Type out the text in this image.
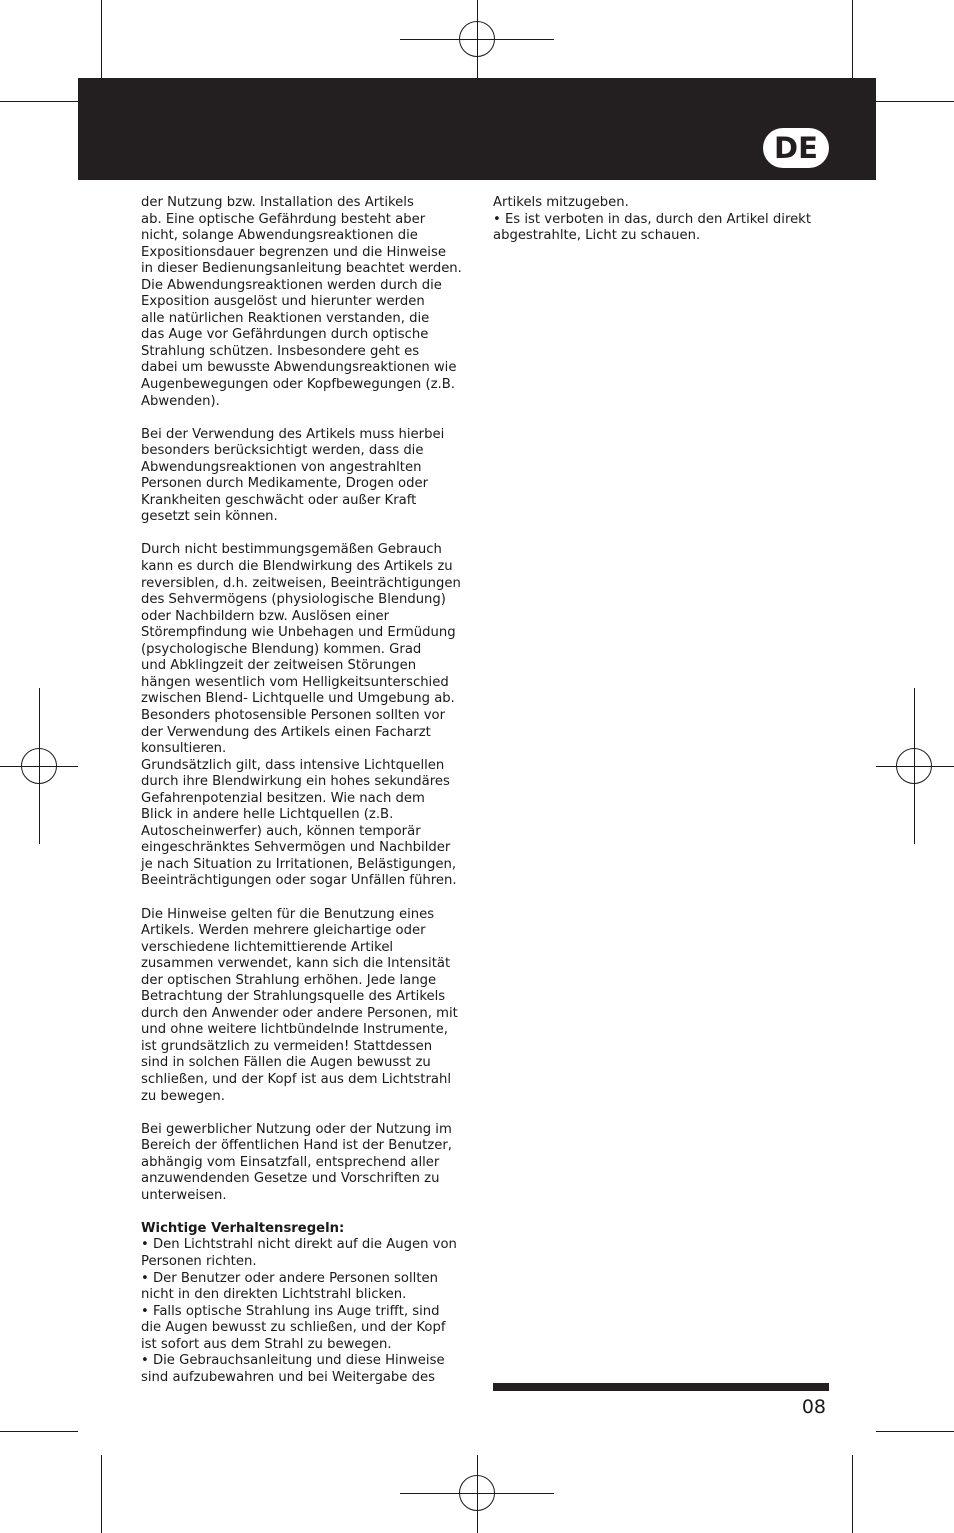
DE
der Nutzung bzw. Installation des Artikels
ab. Eine optische Gefährdung besteht aber
nicht, solange Abwendungsreaktionen die
Expositionsdauer begrenzen und die Hinweise
in dieser Bedienungsanleitung beachtet werden.
Die Abwendungsreaktionen werden durch die
Exposition ausgelöst und hierunter werden
alle natürlichen Reaktionen verstanden, die
das Auge vor Gefährdungen durch optische
Strahlung schützen. Insbesondere geht es
dabei um bewusste Abwendungsreaktionen wie
Augenbewegungen oder Kopfbewegungen (z.B.
Abwenden).
Bei der Verwendung des Artikels muss hierbei
besonders berücksichtigt werden, dass die
Abwendungsreaktionen von angestrahlten
Personen durch Medikamente, Drogen oder
Krankheiten geschwächt oder außer Kraft
gesetzt sein können.
Durch nicht bestimmungsgemäßen Gebrauch
kann es durch die Blendwirkung des Artikels zu
reversiblen, d.h. zeitweisen, Beeinträchtigungen
des Sehvermögens (physiologische Blendung)
oder Nachbildern bzw. Auslösen einer
Störempfindung wie Unbehagen und Ermüdung
(psychologische Blendung) kommen. Grad
und Abklingzeit der zeitweisen Störungen
hängen wesentlich vom Helligkeitsunterschied
zwischen Blend- Lichtquelle und Umgebung ab.
Besonders photosensible Personen sollten vor
der Verwendung des Artikels einen Facharzt
konsultieren.
Grundsätzlich gilt, dass intensive Lichtquellen
durch ihre Blendwirkung ein hohes sekundäres
Gefahrenpotenzial besitzen. Wie nach dem
Blick in andere helle Lichtquellen (z.B.
Autoscheinwerfer) auch, können temporär
eingeschränktes Sehvermögen und Nachbilder
je nach Situation zu Irritationen, Belästigungen,
Beeinträchtigungen oder sogar Unfällen führen.
Die Hinweise gelten für die Benutzung eines
Artikels. Werden mehrere gleichartige oder
verschiedene lichtemittierende Artikel
zusammen verwendet, kann sich die Intensität
der optischen Strahlung erhöhen. Jede lange
Betrachtung der Strahlungsquelle des Artikels
durch den Anwender oder andere Personen, mit
und ohne weitere lichtbündelnde Instrumente,
ist grundsätzlich zu vermeiden! Stattdessen
sind in solchen Fällen die Augen bewusst zu
schließen, und der Kopf ist aus dem Lichtstrahl
zu bewegen.
Bei gewerblicher Nutzung oder der Nutzung im
Bereich der öffentlichen Hand ist der Benutzer,
abhängig vom Einsatzfall, entsprechend aller
anzuwendenden Gesetze und Vorschriften zu
unterweisen.
Wichtige Verhaltensregeln:
• Den Lichtstrahl nicht direkt auf die Augen von
Personen richten.
• Der Benutzer oder andere Personen sollten
nicht in den direkten Lichtstrahl blicken.
• Falls optische Strahlung ins Auge trifft, sind
die Augen bewusst zu schließen, und der Kopf
ist sofort aus dem Strahl zu bewegen.
• Die Gebrauchsanleitung und diese Hinweise
sind aufzubewahren und bei Weitergabe des
Artikels mitzugeben.
• Es ist verboten in das, durch den Artikel direkt
abgestrahlte, Licht zu schauen.
08
